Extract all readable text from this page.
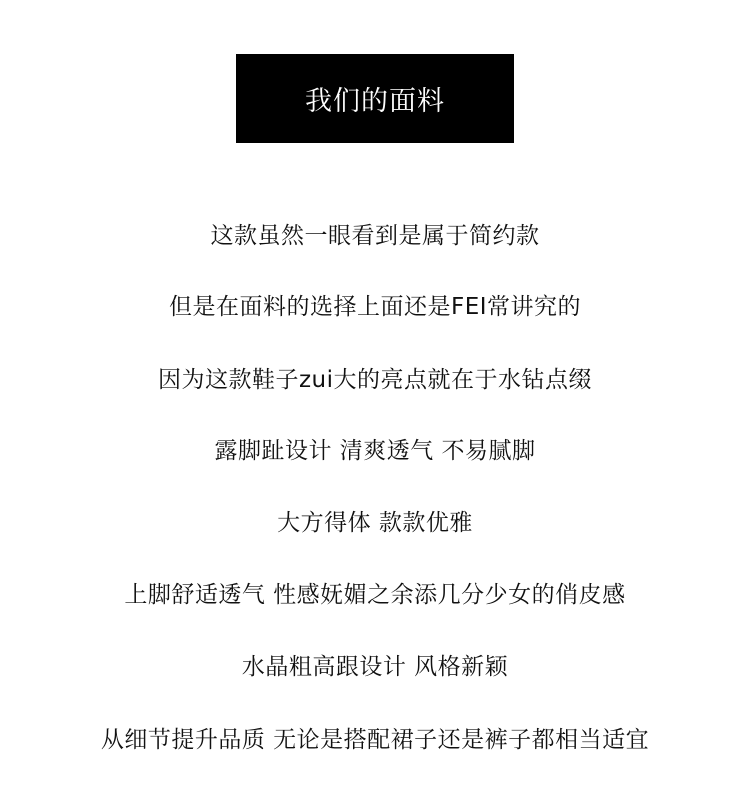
我们的面料
这款虽然一眼看到是属于简约款
但是在面料的选择上面还是FEI常讲究的
因为这款鞋子zui大的亮点就在于水钻点缀
露脚趾设计 清爽透气 不易腻脚
大方得体 款款优雅
上脚舒适透气 性感妩媚之余添几分少女的俏皮感
水晶粗高跟设计 风格新颖
从细节提升品质 无论是搭配裙子还是裤子都相当适宜
